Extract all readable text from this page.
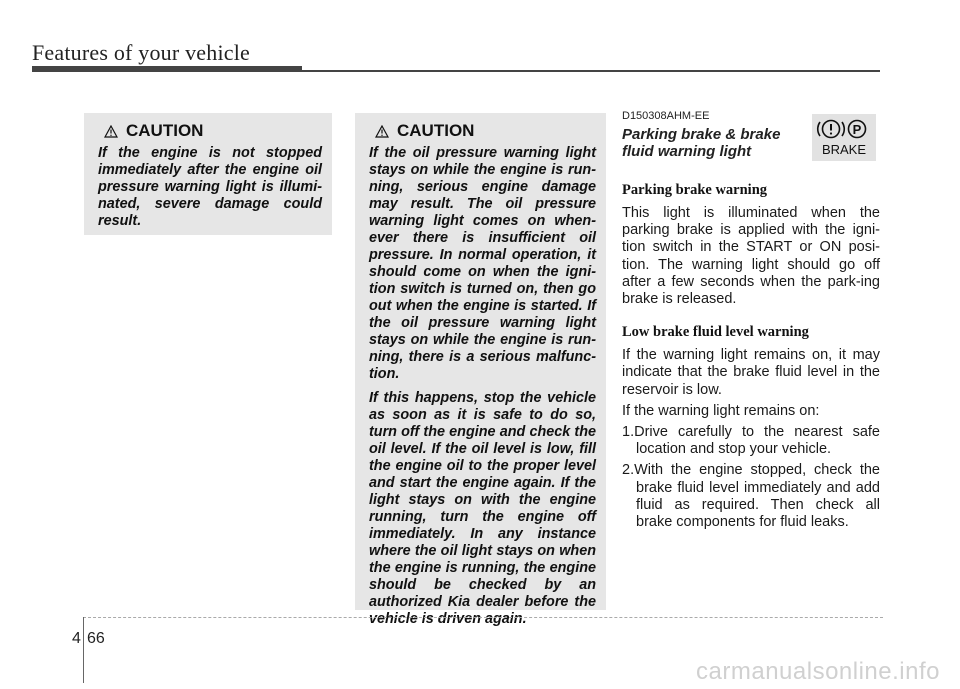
Features of your vehicle
CAUTION

If the engine is not stopped immediately after the engine oil pressure warning light is illumi-nated, severe damage could result.

CAUTION

If the oil pressure warning light stays on while the engine is run-ning, serious engine damage may result. The oil pressure warning light comes on when-ever there is insufficient oil pressure. In normal operation, it should come on when the igni-tion switch is turned on, then go out when the engine is started. If the oil pressure warning light stays on while the engine is run-ning, there is a serious malfunc-tion.

If this happens, stop the vehicle as soon as it is safe to do so, turn off the engine and check the oil level. If the oil level is low, fill the engine oil to the proper level and start the engine again. If the light stays on with the engine running, turn the engine off immediately. In any instance where the oil light stays on when the engine is running, the engine should be checked by an authorized Kia dealer before the vehicle is driven again.

P
BRAKE
D150308AHM-EE
Parking brake & brake fluid warning light
Parking brake warning

This light is illuminated when the parking brake is applied with the igni-tion switch in the START or ON posi-tion. The warning light should go off after a few seconds when the park-ing brake is released.

Low brake fluid level warning

If the warning light remains on, it may indicate that the brake fluid level in the reservoir is low.

If the warning light remains on:

1.Drive carefully to the nearest safe location and stop your vehicle.

2.With the engine stopped, check the brake fluid level immediately and add fluid as required. Then check all brake components for fluid leaks.

4 66
carmanualsonline.info
